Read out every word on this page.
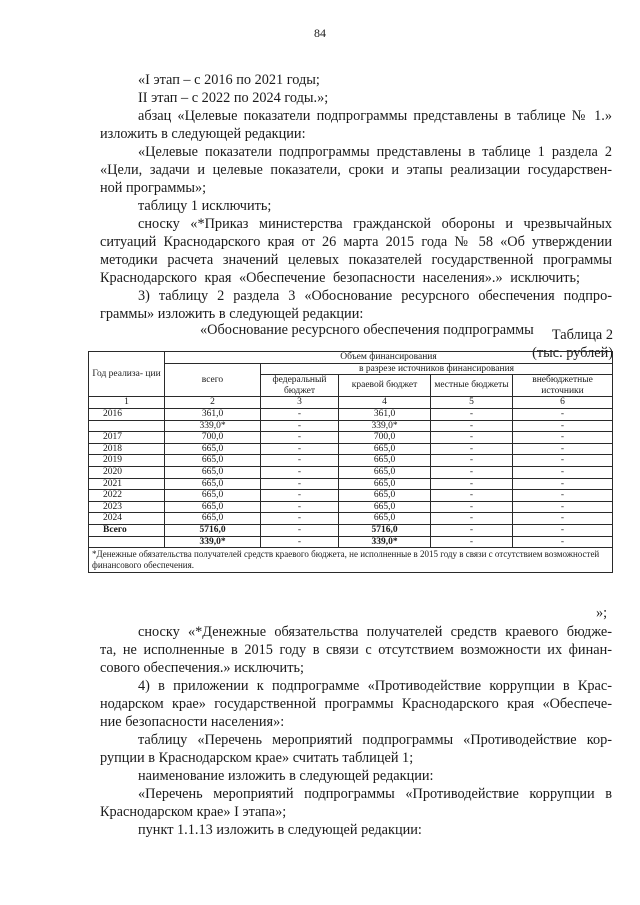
84
«I этап – с 2016 по 2021 годы;
II этап – с 2022 по 2024 годы.»;
абзац «Целевые показатели подпрограммы представлены в таблице № 1.»
изложить в следующей редакции:
«Целевые показатели подпрограммы представлены в таблице 1 раздела 2
«Цели, задачи и целевые показатели, сроки и этапы реализации государствен-
ной программы»;
таблицу 1 исключить;
сноску «*Приказ министерства гражданской обороны и чрезвычайных
ситуаций Краснодарского края от 26 марта 2015 года № 58 «Об утверждении
методики расчета значений целевых показателей государственной программы
Краснодарского края «Обеспечение безопасности населения».» исключить;
3) таблицу 2 раздела 3 «Обоснование ресурсного обеспечения подпро-
граммы» изложить в следующей редакции:
«Обоснование ресурсного обеспечения подпрограммы Таблица 2
(тыс. рублей)
Год реализа- ции	Объем финансирования				
	всего	в разрезе источников финансирования			
		федеральный бюджет	краевой бюджет	местные бюджеты	внебюджетные источники
1	2	3	4	5	6
2016	361,0	-	361,0	-	-
	339,0*	-	339,0*	-	-
2017	700,0	-	700,0	-	-
2018	665,0	-	665,0	-	-
2019	665,0	-	665,0	-	-
2020	665,0	-	665,0	-	-
2021	665,0	-	665,0	-	-
2022	665,0	-	665,0	-	-
2023	665,0	-	665,0	-	-
2024	665,0	-	665,0	-	-
Всего	5716,0	-	5716,0	-	-
	339,0*	-	339,0*	-	-
*Денежные обязательства получателей средств краевого бюджета, не исполненные в 2015 году в связи с отсутствием возможностей финансового обеспечения.					
»;
сноску «*Денежные обязательства получателей средств краевого бюдже-
та, не исполненные в 2015 году в связи с отсутствием возможности их финан-
сового обеспечения.» исключить;
4) в приложении к подпрограмме «Противодействие коррупции в Крас-
нодарском крае» государственной программы Краснодарского края «Обеспече-
ние безопасности населения»:
таблицу «Перечень мероприятий подпрограммы «Противодействие кор-
рупции в Краснодарском крае» считать таблицей 1;
наименование изложить в следующей редакции:
«Перечень мероприятий подпрограммы «Противодействие коррупции в
Краснодарском крае» I этапа»;
пункт 1.1.13 изложить в следующей редакции:
